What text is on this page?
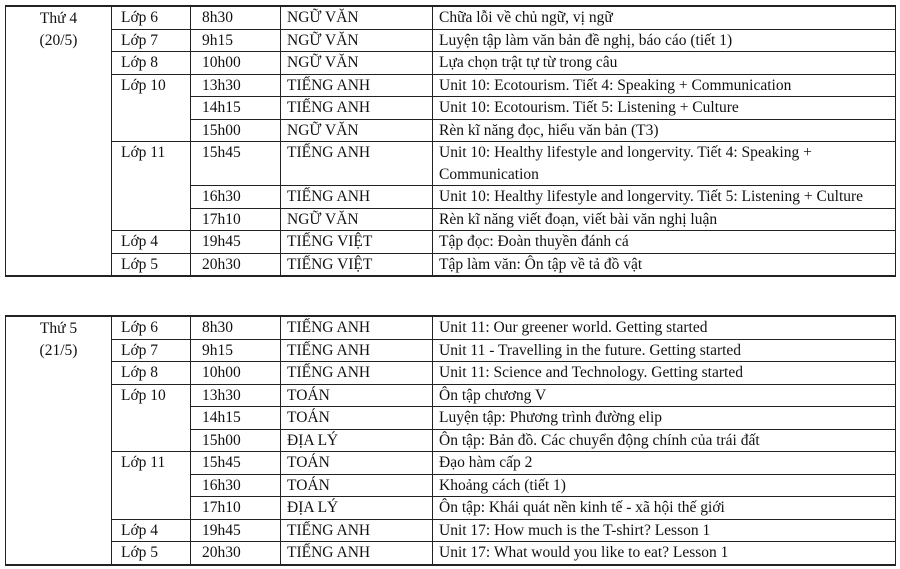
Thứ 4
(20/5)	Lớp 6	8h30	NGỮ VĂN	Chữa lỗi về chủ ngữ, vị ngữ
	Lớp 7	9h15	NGỮ VĂN	Luyện tập làm văn bản đề nghị, báo cáo (tiết 1)
	Lớp 8	10h00	NGỮ VĂN	Lựa chọn trật tự từ trong câu
	Lớp 10	13h30	TIẾNG ANH	Unit 10: Ecotourism. Tiết 4: Speaking + Communication
		14h15	TIẾNG ANH	Unit 10: Ecotourism. Tiết 5: Listening + Culture
		15h00	NGỮ VĂN	Rèn kĩ năng đọc, hiểu văn bản (T3)
	Lớp 11	15h45	TIẾNG ANH	Unit 10: Healthy lifestyle and longervity. Tiết 4: Speaking + Communication
		16h30	TIẾNG ANH	Unit 10: Healthy lifestyle and longervity. Tiết 5: Listening + Culture
		17h10	NGỮ VĂN	Rèn kĩ năng viết đoạn, viết bài văn nghị luận
	Lớp 4	19h45	TIẾNG VIỆT	Tập đọc: Đoàn thuyền đánh cá
	Lớp 5	20h30	TIẾNG VIỆT	Tập làm văn: Ôn tập về tả đồ vật
Thứ 5
(21/5)	Lớp 6	8h30	TIẾNG ANH	Unit 11: Our greener world. Getting started
	Lớp 7	9h15	TIẾNG ANH	Unit 11 - Travelling in the future. Getting started
	Lớp 8	10h00	TIẾNG ANH	Unit 11: Science and Technology. Getting started
	Lớp 10	13h30	TOÁN	Ôn tập chương V
		14h15	TOÁN	Luyện tập: Phương trình đường elip
		15h00	ĐỊA LÝ	Ôn tập: Bản đồ. Các chuyển động chính của trái đất
	Lớp 11	15h45	TOÁN	Đạo hàm cấp 2
		16h30	TOÁN	Khoảng cách (tiết 1)
		17h10	ĐỊA LÝ	Ôn tập: Khái quát nền kinh tế - xã hội thế giới
	Lớp 4	19h45	TIẾNG ANH	Unit 17: How much is the T-shirt? Lesson 1
	Lớp 5	20h30	TIẾNG ANH	Unit 17: What would you like to eat? Lesson 1
